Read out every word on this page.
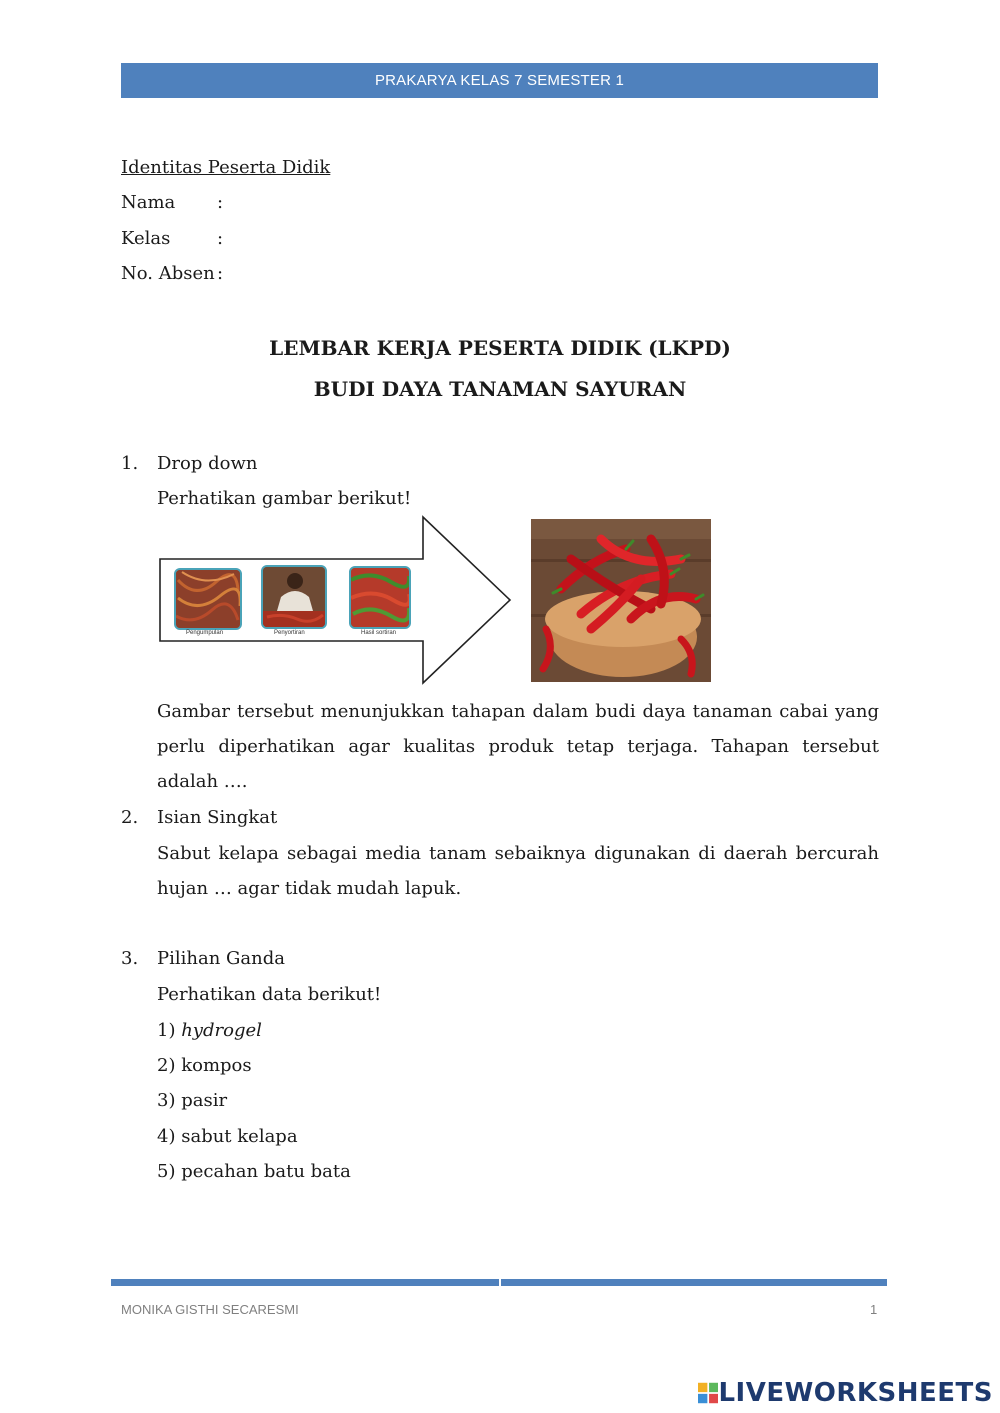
PRAKARYA KELAS 7 SEMESTER 1
Identitas Peserta Didik
Nama :
Kelas	:
No. Absen :
LEMBAR KERJA PESERTA DIDIK (LKPD)
BUDI DAYA TANAMAN SAYURAN
1. Drop down
Perhatikan gambar berikut!
Pengumpulan	Penyortiran	Hasil sortiran
Gambar tersebut menunjukkan tahapan dalam budi daya tanaman cabai yang perlu diperhatikan agar kualitas produk tetap terjaga. Tahapan tersebut adalah ….
2. Isian Singkat
Sabut kelapa sebagai media tanam sebaiknya digunakan di daerah bercurah hujan … agar tidak mudah lapuk.
3. Pilihan Ganda
Perhatikan data berikut!
1) hydrogel
2) kompos
3) pasir
4) sabut kelapa
5) pecahan batu bata
MONIKA GISTHI SECARESMI	1
LIVEWORKSHEETS
